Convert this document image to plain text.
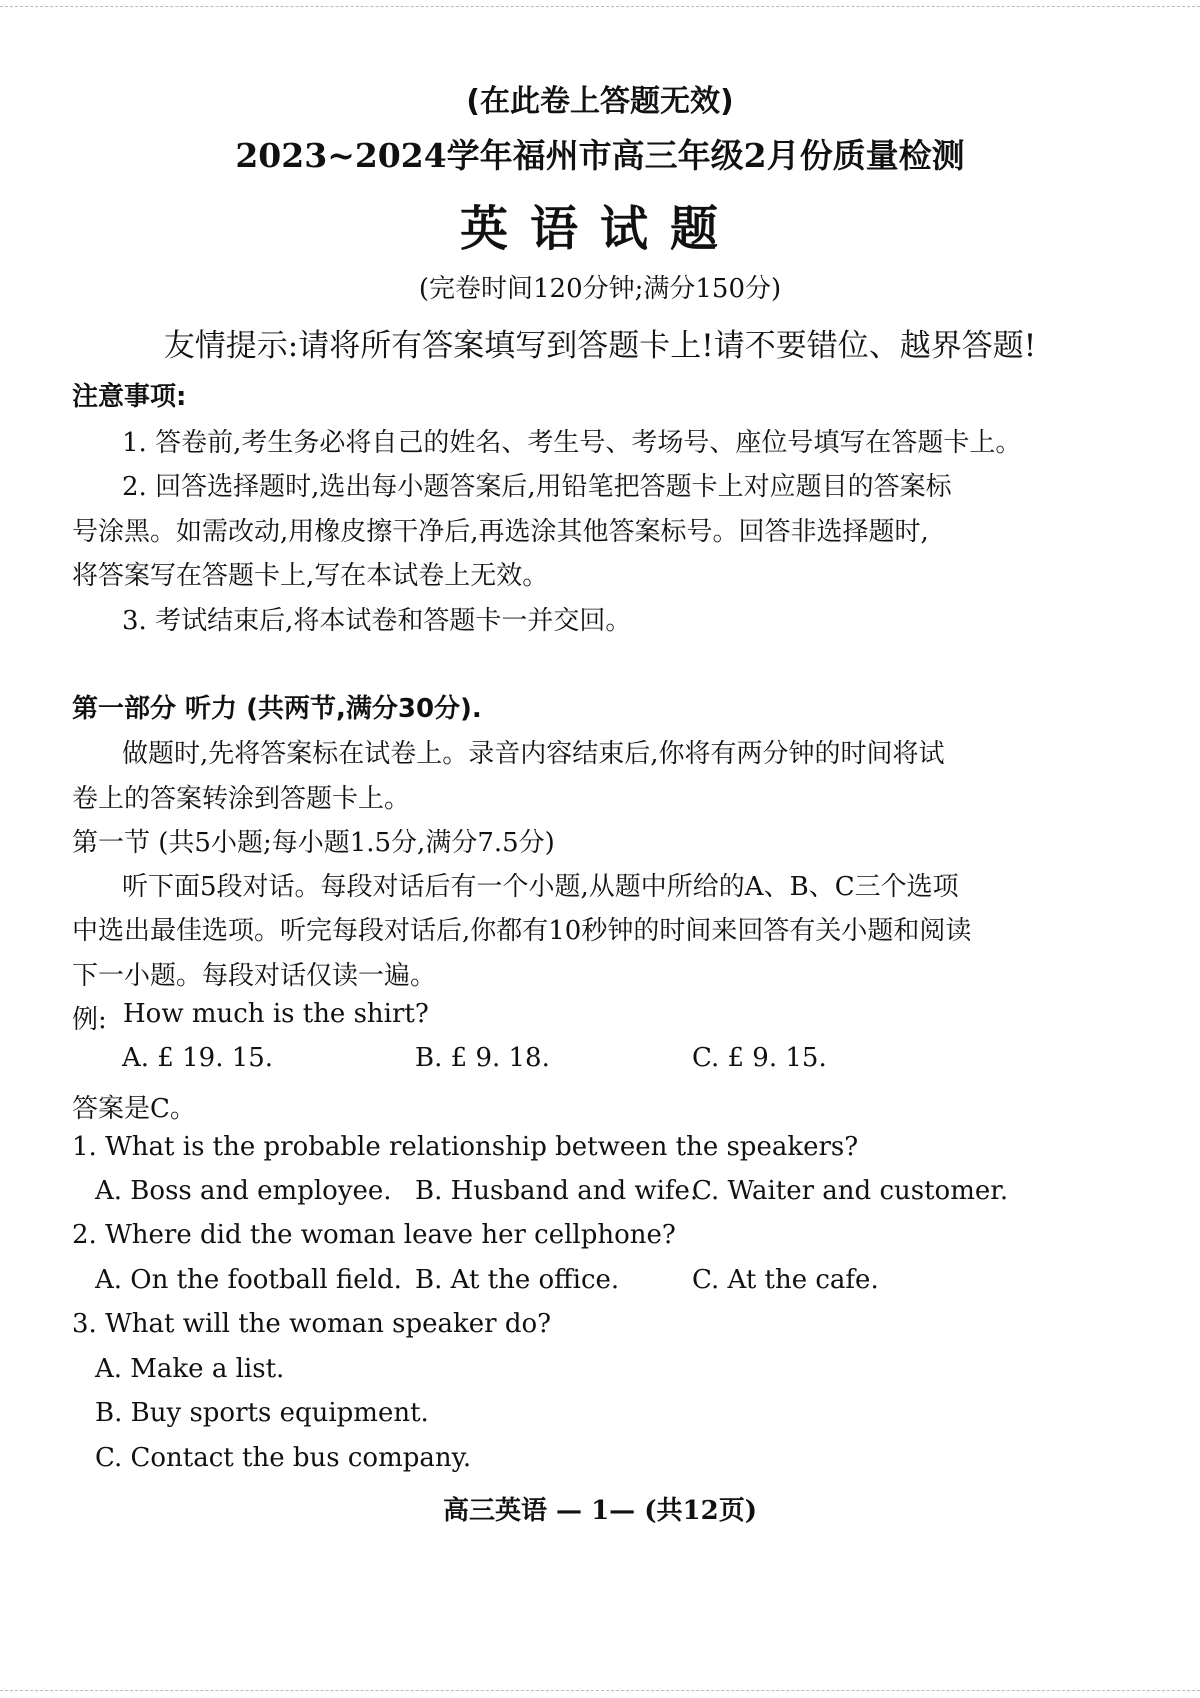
(在此卷上答题无效)
2023~2024学年福州市高三年级2月份质量检测
英语试题
(完卷时间120分钟;满分150分)
友情提示:请将所有答案填写到答题卡上!请不要错位、越界答题!
注意事项:
1. 答卷前,考生务必将自己的姓名、考生号、考场号、座位号填写在答题卡上。
2. 回答选择题时,选出每小题答案后,用铅笔把答题卡上对应题目的答案标
号涂黑。如需改动,用橡皮擦干净后,再选涂其他答案标号。回答非选择题时,
将答案写在答题卡上,写在本试卷上无效。
3. 考试结束后,将本试卷和答题卡一并交回。
第一部分 听力 (共两节,满分30分).
做题时,先将答案标在试卷上。录音内容结束后,你将有两分钟的时间将试
卷上的答案转涂到答题卡上。
第一节 (共5小题;每小题1.5分,满分7.5分)
听下面5段对话。每段对话后有一个小题,从题中所给的A、B、C三个选项
中选出最佳选项。听完每段对话后,你都有10秒钟的时间来回答有关小题和阅读
下一小题。每段对话仅读一遍。
例: How much is the shirt?
A. £ 19. 15.	B. £ 9. 18.	C. £ 9. 15.
答案是C。
1. What is the probable relationship between the speakers?
A. Boss and employee. B. Husband and wife.
C. Waiter and customer.
2. Where did the woman leave her cellphone?
A. On the football field. B. At the office.	C. At the cafe.
3. What will the woman speaker do?
A. Make a list.
B. Buy sports equipment.
C. Contact the bus company.
高三英语 — 1— (共12页)
